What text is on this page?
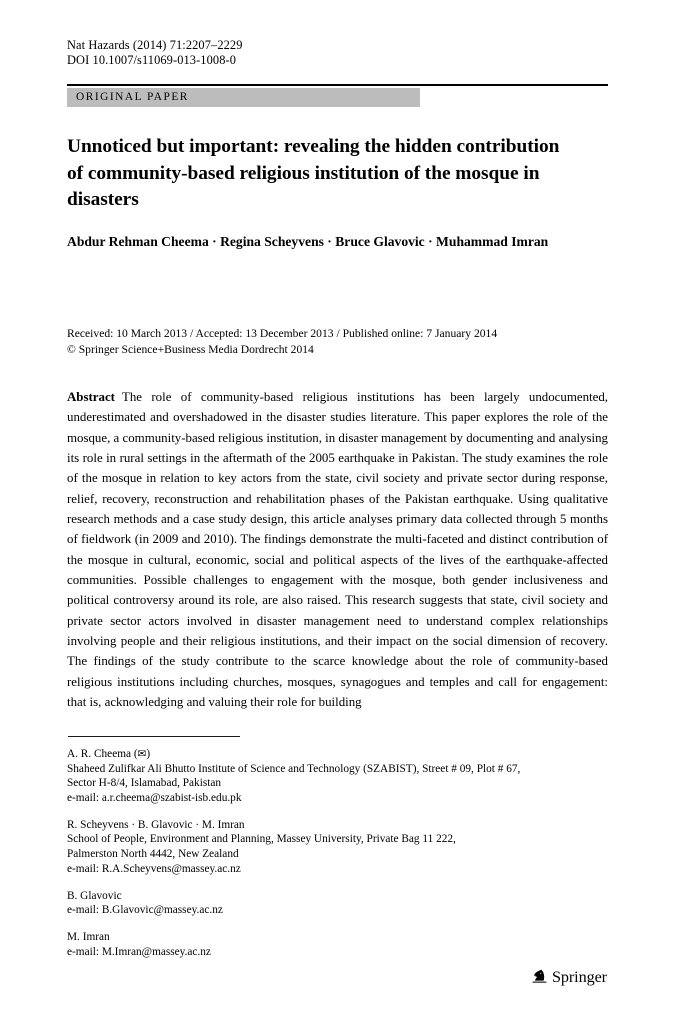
Nat Hazards (2014) 71:2207–2229
DOI 10.1007/s11069-013-1008-0
ORIGINAL PAPER
Unnoticed but important: revealing the hidden contribution of community-based religious institution of the mosque in disasters
Abdur Rehman Cheema · Regina Scheyvens · Bruce Glavovic · Muhammad Imran
Received: 10 March 2013 / Accepted: 13 December 2013 / Published online: 7 January 2014
© Springer Science+Business Media Dordrecht 2014
Abstract The role of community-based religious institutions has been largely undocumented, underestimated and overshadowed in the disaster studies literature. This paper explores the role of the mosque, a community-based religious institution, in disaster management by documenting and analysing its role in rural settings in the aftermath of the 2005 earthquake in Pakistan. The study examines the role of the mosque in relation to key actors from the state, civil society and private sector during response, relief, recovery, reconstruction and rehabilitation phases of the Pakistan earthquake. Using qualitative research methods and a case study design, this article analyses primary data collected through 5 months of fieldwork (in 2009 and 2010). The findings demonstrate the multi-faceted and distinct contribution of the mosque in cultural, economic, social and political aspects of the lives of the earthquake-affected communities. Possible challenges to engagement with the mosque, both gender inclusiveness and political controversy around its role, are also raised. This research suggests that state, civil society and private sector actors involved in disaster management need to understand complex relationships involving people and their religious institutions, and their impact on the social dimension of recovery. The findings of the study contribute to the scarce knowledge about the role of community-based religious institutions including churches, mosques, synagogues and temples and call for engagement: that is, acknowledging and valuing their role for building
A. R. Cheema (✉)
Shaheed Zulifkar Ali Bhutto Institute of Science and Technology (SZABIST), Street # 09, Plot # 67,
Sector H-8/4, Islamabad, Pakistan
e-mail: a.r.cheema@szabist-isb.edu.pk
R. Scheyvens · B. Glavovic · M. Imran
School of People, Environment and Planning, Massey University, Private Bag 11 222,
Palmerston North 4442, New Zealand
e-mail: R.A.Scheyvens@massey.ac.nz
B. Glavovic
e-mail: B.Glavovic@massey.ac.nz
M. Imran
e-mail: M.Imran@massey.ac.nz
Springer
